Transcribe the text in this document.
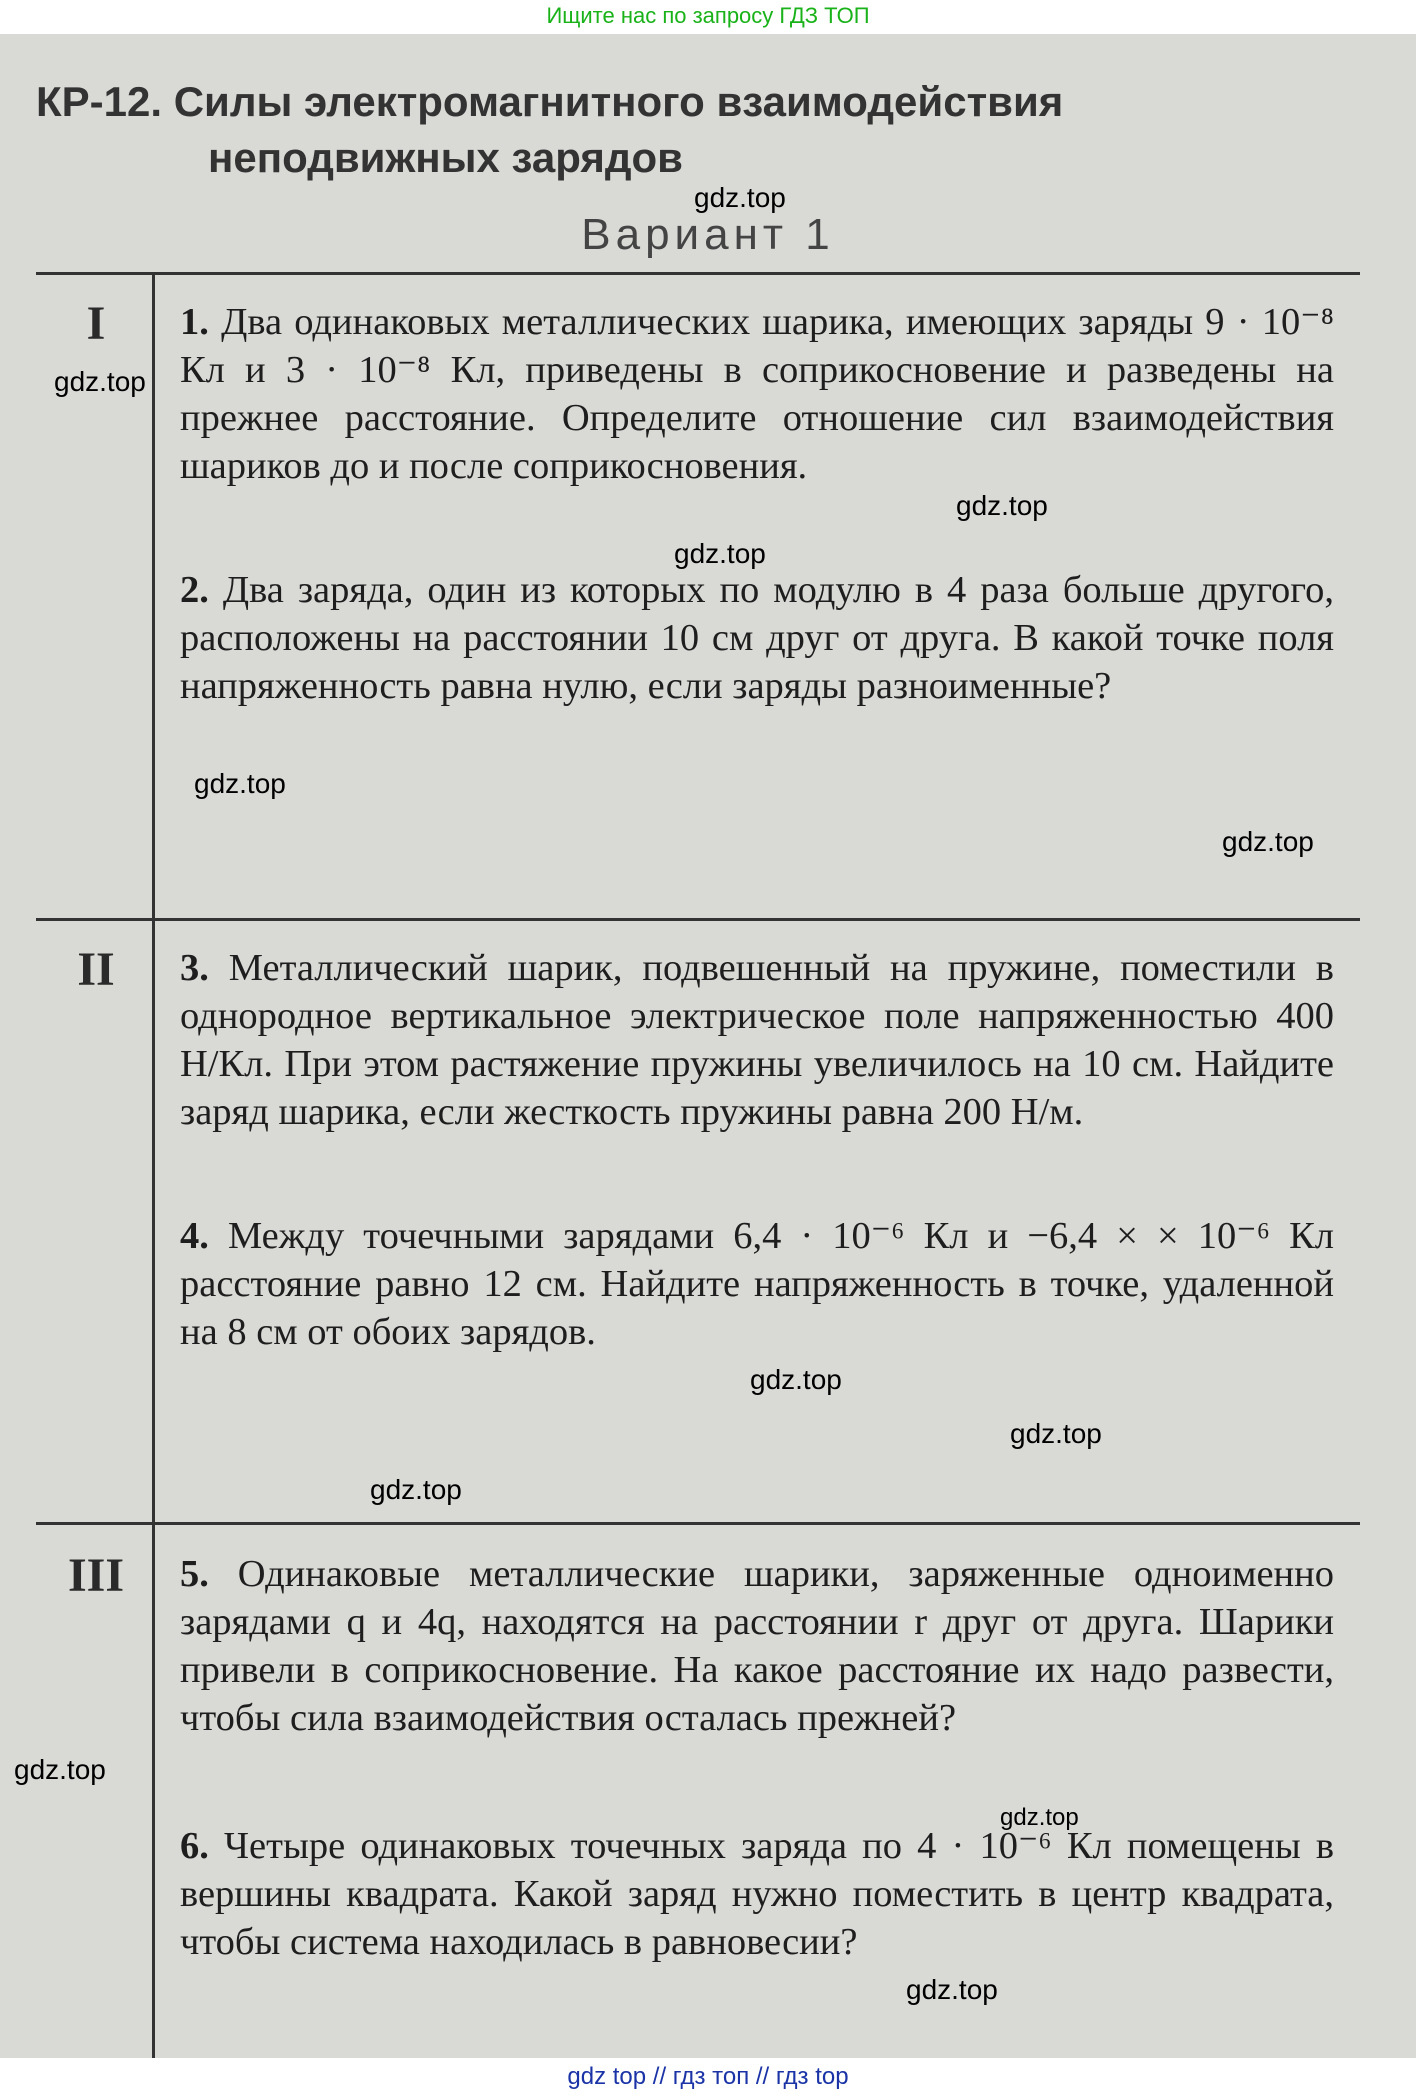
Ищите нас по запросу ГДЗ ТОП
КР-12. Силы электромагнитного взаимодействия
неподвижных зарядов
Вариант 1
I	1. Два одинаковых металлических шарика, имеющих заряды 9 · 10⁻⁸ Кл и 3 · 10⁻⁸ Кл, приведены в соприкосновение и разведены на прежнее расстояние. Определите отношение сил взаимодействия шариков до и после соприкосновения.
2. Два заряда, один из которых по модулю в 4 раза больше другого, расположены на расстоянии 10 см друг от друга. В какой точке поля напряженность равна нулю, если заряды разноименные?
II	3. Металлический шарик, подвешенный на пружине, поместили в однородное вертикальное электрическое поле напряженностью 400 Н/Кл. При этом растяжение пружины увеличилось на 10 см. Найдите заряд шарика, если жесткость пружины равна 200 Н/м.
4. Между точечными зарядами 6,4 · 10⁻⁶ Кл и −6,4 × × 10⁻⁶ Кл расстояние равно 12 см. Найдите напряженность в точке, удаленной на 8 см от обоих зарядов.
III	5. Одинаковые металлические шарики, заряженные одноименно зарядами q и 4q, находятся на расстоянии r друг от друга. Шарики привели в соприкосновение. На какое расстояние их надо развести, чтобы сила взаимодействия осталась прежней?
6. Четыре одинаковых точечных заряда по 4 · 10⁻⁶ Кл помещены в вершины квадрата. Какой заряд нужно поместить в центр квадрата, чтобы система находилась в равновесии?
gdz.top
gdz.top
gdz.top
gdz.top
gdz.top
gdz.top
gdz.top
gdz.top
gdz.top
gdz.top
gdz.top
gdz.top
gdz top // гдз топ // гдз top
